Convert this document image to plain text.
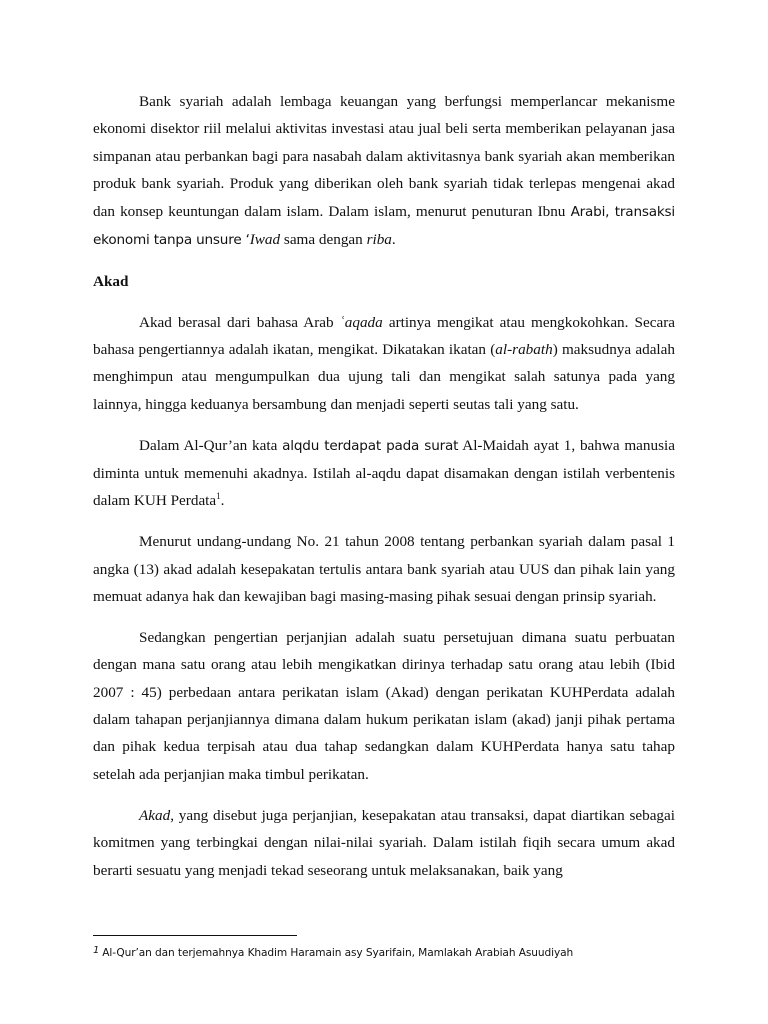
Bank syariah adalah lembaga keuangan yang berfungsi memperlancar mekanisme ekonomi disektor riil melalui aktivitas investasi atau jual beli serta memberikan pelayanan jasa simpanan atau perbankan bagi para nasabah dalam aktivitasnya bank syariah akan memberikan produk bank syariah. Produk yang diberikan oleh bank syariah tidak terlepas mengenai akad dan konsep keuntungan dalam islam. Dalam islam, menurut penuturan Ibnu Arabi, transaksi ekonomi tanpa unsure ‘Iwad sama dengan riba.

Akad

Akad berasal dari bahasa Arab ʿaqada artinya mengikat atau mengkokohkan. Secara bahasa pengertiannya adalah ikatan, mengikat. Dikatakan ikatan (al-rabath) maksudnya adalah menghimpun atau mengumpulkan dua ujung tali dan mengikat salah satunya pada yang lainnya, hingga keduanya bersambung dan menjadi seperti seutas tali yang satu.

Dalam Al-Qur’an kata alqdu terdapat pada surat Al-Maidah ayat 1, bahwa manusia diminta untuk memenuhi akadnya. Istilah al-aqdu dapat disamakan dengan istilah verbentenis dalam KUH Perdata$^1$.

Menurut undang-undang No. 21 tahun 2008 tentang perbankan syariah dalam pasal 1 angka (13) akad adalah kesepakatan tertulis antara bank syariah atau UUS dan pihak lain yang memuat adanya hak dan kewajiban bagi masing-masing pihak sesuai dengan prinsip syariah.

Sedangkan pengertian perjanjian adalah suatu persetujuan dimana suatu perbuatan dengan mana satu orang atau lebih mengikatkan dirinya terhadap satu orang atau lebih (Ibid 2007 : 45) perbedaan antara perikatan islam (Akad) dengan perikatan KUHPerdata adalah dalam tahapan perjanjiannya dimana dalam hukum perikatan islam (akad) janji pihak pertama dan pihak kedua terpisah atau dua tahap sedangkan dalam KUHPerdata hanya satu tahap setelah ada perjanjian maka timbul perikatan.

Akad, yang disebut juga perjanjian, kesepakatan atau transaksi, dapat diartikan sebagai komitmen yang terbingkai dengan nilai-nilai syariah. Dalam istilah fiqih secara umum akad berarti sesuatu yang menjadi tekad seseorang untuk melaksanakan, baik yang

1 Al-Qur’an dan terjemahnya Khadim Haramain asy Syarifain, Mamlakah Arabiah Asuudiyah
